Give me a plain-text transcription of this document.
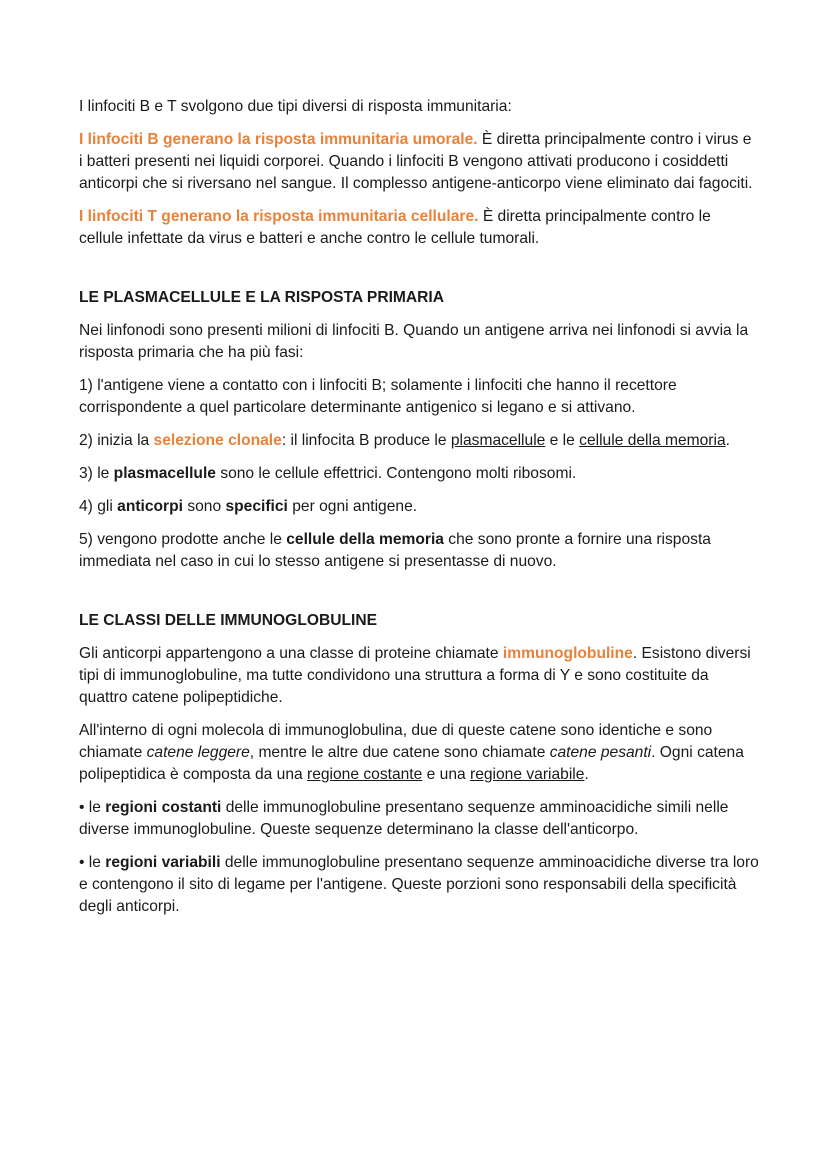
I linfociti B e T svolgono due tipi diversi di risposta immunitaria:

I linfociti B generano la risposta immunitaria umorale. È diretta principalmente contro i virus e i batteri presenti nei liquidi corporei. Quando i linfociti B vengono attivati producono i cosiddetti anticorpi che si riversano nel sangue. Il complesso antigene-anticorpo viene eliminato dai fagociti.

I linfociti T generano la risposta immunitaria cellulare. È diretta principalmente contro le cellule infettate da virus e batteri e anche contro le cellule tumorali.

LE PLASMACELLULE E LA RISPOSTA PRIMARIA

Nei linfonodi sono presenti milioni di linfociti B. Quando un antigene arriva nei linfonodi si avvia la risposta primaria che ha più fasi:

1) l'antigene viene a contatto con i linfociti B; solamente i linfociti che hanno il recettore corrispondente a quel particolare determinante antigenico si legano e si attivano.

2) inizia la selezione clonale: il linfocita B produce le plasmacellule e le cellule della memoria.

3) le plasmacellule sono le cellule effettrici. Contengono molti ribosomi.

4) gli anticorpi sono specifici per ogni antigene.

5) vengono prodotte anche le cellule della memoria che sono pronte a fornire una risposta immediata nel caso in cui lo stesso antigene si presentasse di nuovo.

LE CLASSI DELLE IMMUNOGLOBULINE

Gli anticorpi appartengono a una classe di proteine chiamate immunoglobuline. Esistono diversi tipi di immunoglobuline, ma tutte condividono una struttura a forma di Y e sono costituite da quattro catene polipeptidiche.

All'interno di ogni molecola di immunoglobulina, due di queste catene sono identiche e sono chiamate catene leggere, mentre le altre due catene sono chiamate catene pesanti. Ogni catena polipeptidica è composta da una regione costante e una regione variabile.

• le regioni costanti delle immunoglobuline presentano sequenze amminoacidiche simili nelle diverse immunoglobuline. Queste sequenze determinano la classe dell'anticorpo.

• le regioni variabili delle immunoglobuline presentano sequenze amminoacidiche diverse tra loro e contengono il sito di legame per l'antigene. Queste porzioni sono responsabili della specificità degli anticorpi.
